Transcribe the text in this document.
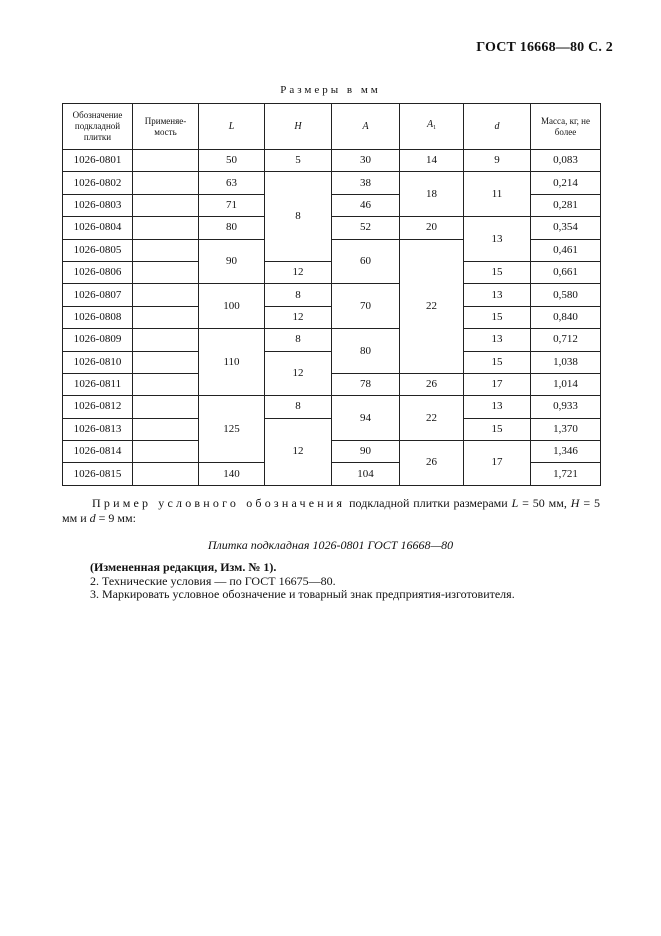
ГОСТ 16668—80 С. 2
Размеры в мм
Обозначение подкладной плитки	Применяе- мость	L	H	A	$A_1$	d	Масса, кг, не более
1026-0801		50	5	30	14	9	0,083
1026-0802		63	8	38	18	11	0,214
1026-0803		71		46			0,281
1026-0804		80		52	20	13	0,354
1026-0805		90		60	22		0,461
1026-0806			12			15	0,661
1026-0807		100	8	70		13	0,580
1026-0808			12			15	0,840
1026-0809		110	8	80		13	0,712
1026-0810			12			15	1,038
1026-0811				78	26	17	1,014
1026-0812		125	8	94	22	13	0,933
1026-0813			12			15	1,370
1026-0814				90	26	17	1,346
1026-0815		140		104			1,721
Пример условного обозначения подкладной плитки размерами L = 50 мм, H = 5 мм и d = 9 мм:
Плитка подкладная 1026-0801 ГОСТ 16668—80
(Измененная редакция, Изм. № 1).
2. Технические условия — по ГОСТ 16675—80.
3. Маркировать условное обозначение и товарный знак предприятия-изготовителя.
